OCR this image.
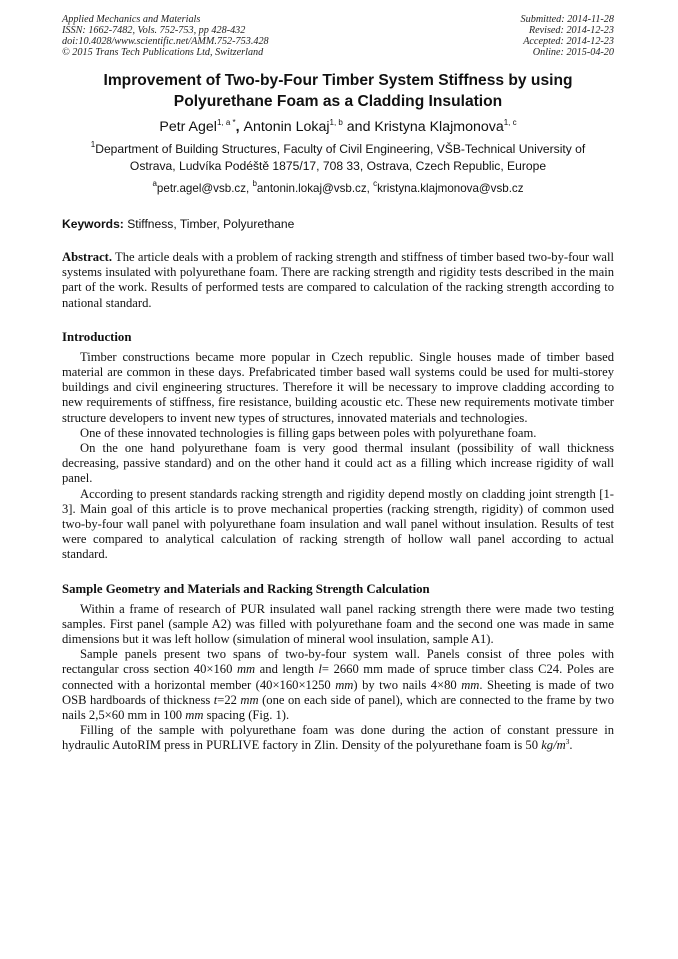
Applied Mechanics and Materials
ISSN: 1662-7482, Vols. 752-753, pp 428-432
doi:10.4028/www.scientific.net/AMM.752-753.428
© 2015 Trans Tech Publications Ltd, Switzerland
Submitted: 2014-11-28
Revised: 2014-12-23
Accepted: 2014-12-23
Online: 2015-04-20
Improvement of Two-by-Four Timber System Stiffness by using
Polyurethane Foam as a Cladding Insulation
Petr Agel$^{1, a *}$, Antonin Lokaj$^{1, b}$ and Kristyna Klajmonova$^{1, c}$
$^1$Department of Building Structures, Faculty of Civil Engineering, VŠB-Technical University of
Ostrava, Ludvíka Podéště 1875/17, 708 33, Ostrava, Czech Republic, Europe
$^a$petr.agel@vsb.cz, $^b$antonin.lokaj@vsb.cz, $^c$kristyna.klajmonova@vsb.cz
Keywords: Stiffness, Timber, Polyurethane
Abstract. The article deals with a problem of racking strength and stiffness of timber based two-by-four wall systems insulated with polyurethane foam. There are racking strength and rigidity tests described in the main part of the work. Results of performed tests are compared to calculation of the racking strength according to national standard.
Introduction

Timber constructions became more popular in Czech republic. Single houses made of timber based material are common in these days. Prefabricated timber based wall systems could be used for multi-storey buildings and civil engineering structures. Therefore it will be necessary to improve cladding according to new requirements of stiffness, fire resistance, building acoustic etc. These new requirements motivate timber structure developers to invent new types of structures, innovated materials and technologies.

One of these innovated technologies is filling gaps between poles with polyurethane foam.

On the one hand polyurethane foam is very good thermal insulant (possibility of wall thickness decreasing, passive standard) and on the other hand it could act as a filling which increase rigidity of wall panel.

According to present standards racking strength and rigidity depend mostly on cladding joint strength [1-3]. Main goal of this article is to prove mechanical properties (racking strength, rigidity) of common used two-by-four wall panel with polyurethane foam insulation and wall panel without insulation. Results of test were compared to analytical calculation of racking strength of hollow wall panel according to actual standard.

Sample Geometry and Materials and Racking Strength Calculation

Within a frame of research of PUR insulated wall panel racking strength there were made two testing samples. First panel (sample A2) was filled with polyurethane foam and the second one was made in same dimensions but it was left hollow (simulation of mineral wool insulation, sample A1).

Sample panels present two spans of two-by-four system wall. Panels consist of three poles with rectangular cross section 40×160 mm and length l= 2660 mm made of spruce timber class C24. Poles are connected with a horizontal member (40×160×1250 mm) by two nails 4×80 mm. Sheeting is made of two OSB hardboards of thickness t=22 mm (one on each side of panel), which are connected to the frame by two nails 2,5×60 mm in 100 mm spacing (Fig. 1).

Filling of the sample with polyurethane foam was done during the action of constant pressure in hydraulic AutoRIM press in PURLIVE factory in Zlin. Density of the polyurethane foam is 50 $kg/m^3$.
